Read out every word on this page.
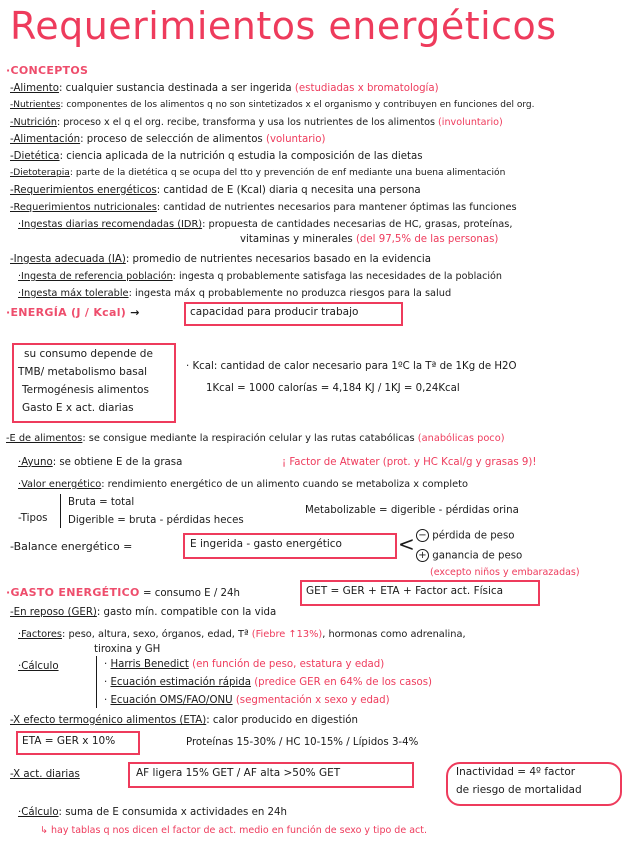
Requerimientos energéticos
·CONCEPTOS
-Alimento: cualquier sustancia destinada a ser ingerida (estudiadas x bromatología)
-Nutrientes: componentes de los alimentos q no son sintetizados x el organismo y contribuyen en funciones del org.
-Nutrición: proceso x el q el org. recibe, transforma y usa los nutrientes de los alimentos (involuntario)
-Alimentación: proceso de selección de alimentos (voluntario)
-Dietética: ciencia aplicada de la nutrición q estudia la composición de las dietas
-Dietoterapia: parte de la dietética q se ocupa del tto y prevención de enf mediante una buena alimentación
-Requerimientos energéticos: cantidad de E (Kcal) diaria q necesita una persona
-Requerimientos nutricionales: cantidad de nutrientes necesarios para mantener óptimas las funciones
·Ingestas diarias recomendadas (IDR): propuesta de cantidades necesarias de HC, grasas, proteínas,
vitaminas y minerales (del 97,5% de las personas)
-Ingesta adecuada (IA): promedio de nutrientes necesarios basado en la evidencia
·Ingesta de referencia población: ingesta q probablemente satisfaga las necesidades de la población
·Ingesta máx tolerable: ingesta máx q probablemente no produzca riesgos para la salud
·ENERGÍA (J / Kcal) →	capacidad para producir trabajo
su consumo depende de
TMB/ metabolismo basal
Termogénesis alimentos
Gasto E x act. diarias
· Kcal: cantidad de calor necesario para 1ºC la Tª de 1Kg de H2O
1Kcal = 1000 calorías = 4,184 KJ / 1KJ = 0,24Kcal
-E de alimentos: se consigue mediante la respiración celular y las rutas catabólicas (anabólicas poco)
·Ayuno: se obtiene E de la grasa	¡ Factor de Atwater (prot. y HC Kcal/g y grasas 9)!
·Valor energético: rendimiento energético de un alimento cuando se metaboliza x completo
-Tipos
Bruta = total
Digerible = bruta - pérdidas heces
Metabolizable = digerible - pérdidas orina
-Balance energético =	E ingerida - gasto energético	< − pérdida de peso
+ ganancia de peso
(excepto niños y embarazadas)
·GASTO ENERGÉTICO = consumo E / 24h	GET = GER + ETA + Factor act. Física
-En reposo (GER): gasto mín. compatible con la vida
·Factores: peso, altura, sexo, órganos, edad, Tª (Fiebre ↑13%), hormonas como adrenalina,
tiroxina y GH
·Cálculo	· Harris Benedict (en función de peso, estatura y edad)
· Ecuación estimación rápida (predice GER en 64% de los casos)
· Ecuación OMS/FAO/ONU (segmentación x sexo y edad)
-X efecto termogénico alimentos (ETA): calor producido en digestión
ETA = GER x 10%	Proteínas 15-30% / HC 10-15% / Lípidos 3-4%
-X act. diarias	AF ligera 15% GET / AF alta >50% GET	Inactividad = 4º factor
de riesgo de mortalidad
·Cálculo: suma de E consumida x actividades en 24h
↳ hay tablas q nos dicen el factor de act. medio en función de sexo y tipo de act.
